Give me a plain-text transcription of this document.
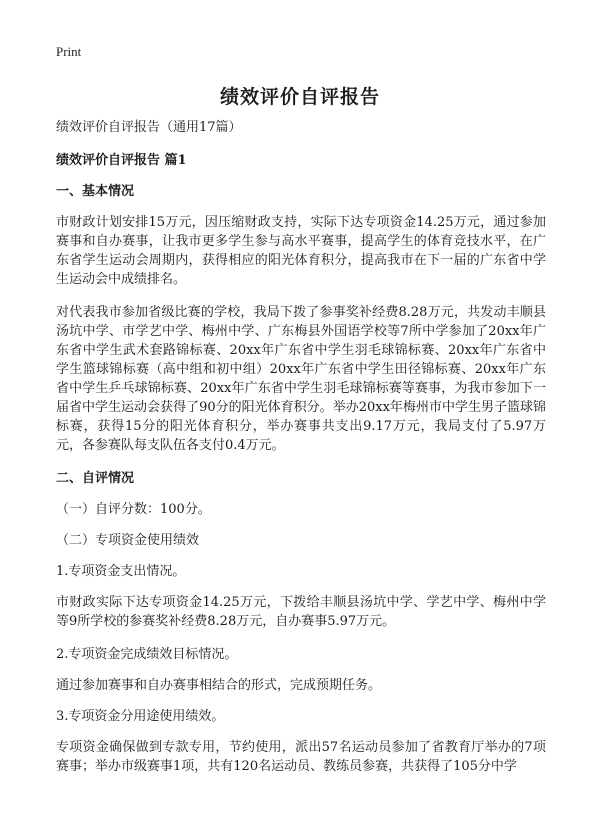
Print
绩效评价自评报告

绩效评价自评报告（通用17篇）

绩效评价自评报告 篇1

一、基本情况

市财政计划安排15万元，因压缩财政支持，实际下达专项资金14.25万元，通过参加赛事和自办赛事，让我市更多学生参与高水平赛事，提高学生的体育竞技水平，在广东省学生运动会周期内，获得相应的阳光体育积分，提高我市在下一届的广东省中学生运动会中成绩排名。

对代表我市参加省级比赛的学校，我局下拨了参事奖补经费8.28万元，共发动丰顺县汤坑中学、市学艺中学、梅州中学、广东梅县外国语学校等7所中学参加了20xx年广东省中学生武术套路锦标赛、20xx年广东省中学生羽毛球锦标赛、20xx年广东省中学生篮球锦标赛（高中组和初中组）20xx年广东省中学生田径锦标赛、20xx年广东省中学生乒乓球锦标赛、20xx年广东省中学生羽毛球锦标赛等赛事，为我市参加下一届省中学生运动会获得了90分的阳光体育积分。举办20xx年梅州市中学生男子篮球锦标赛，获得15分的阳光体育积分，举办赛事共支出9.17万元，我局支付了5.97万元，各参赛队每支队伍各支付0.4万元。

二、自评情况

（一）自评分数：100分。

（二）专项资金使用绩效

1.专项资金支出情况。

市财政实际下达专项资金14.25万元，下拨给丰顺县汤坑中学、学艺中学、梅州中学等9所学校的参赛奖补经费8.28万元，自办赛事5.97万元。

2.专项资金完成绩效目标情况。

通过参加赛事和自办赛事相结合的形式，完成预期任务。

3.专项资金分用途使用绩效。

专项资金确保做到专款专用，节约使用，派出57名运动员参加了省教育厅举办的7项赛事；举办市级赛事1项，共有120名运动员、教练员参赛，共获得了105分中学
